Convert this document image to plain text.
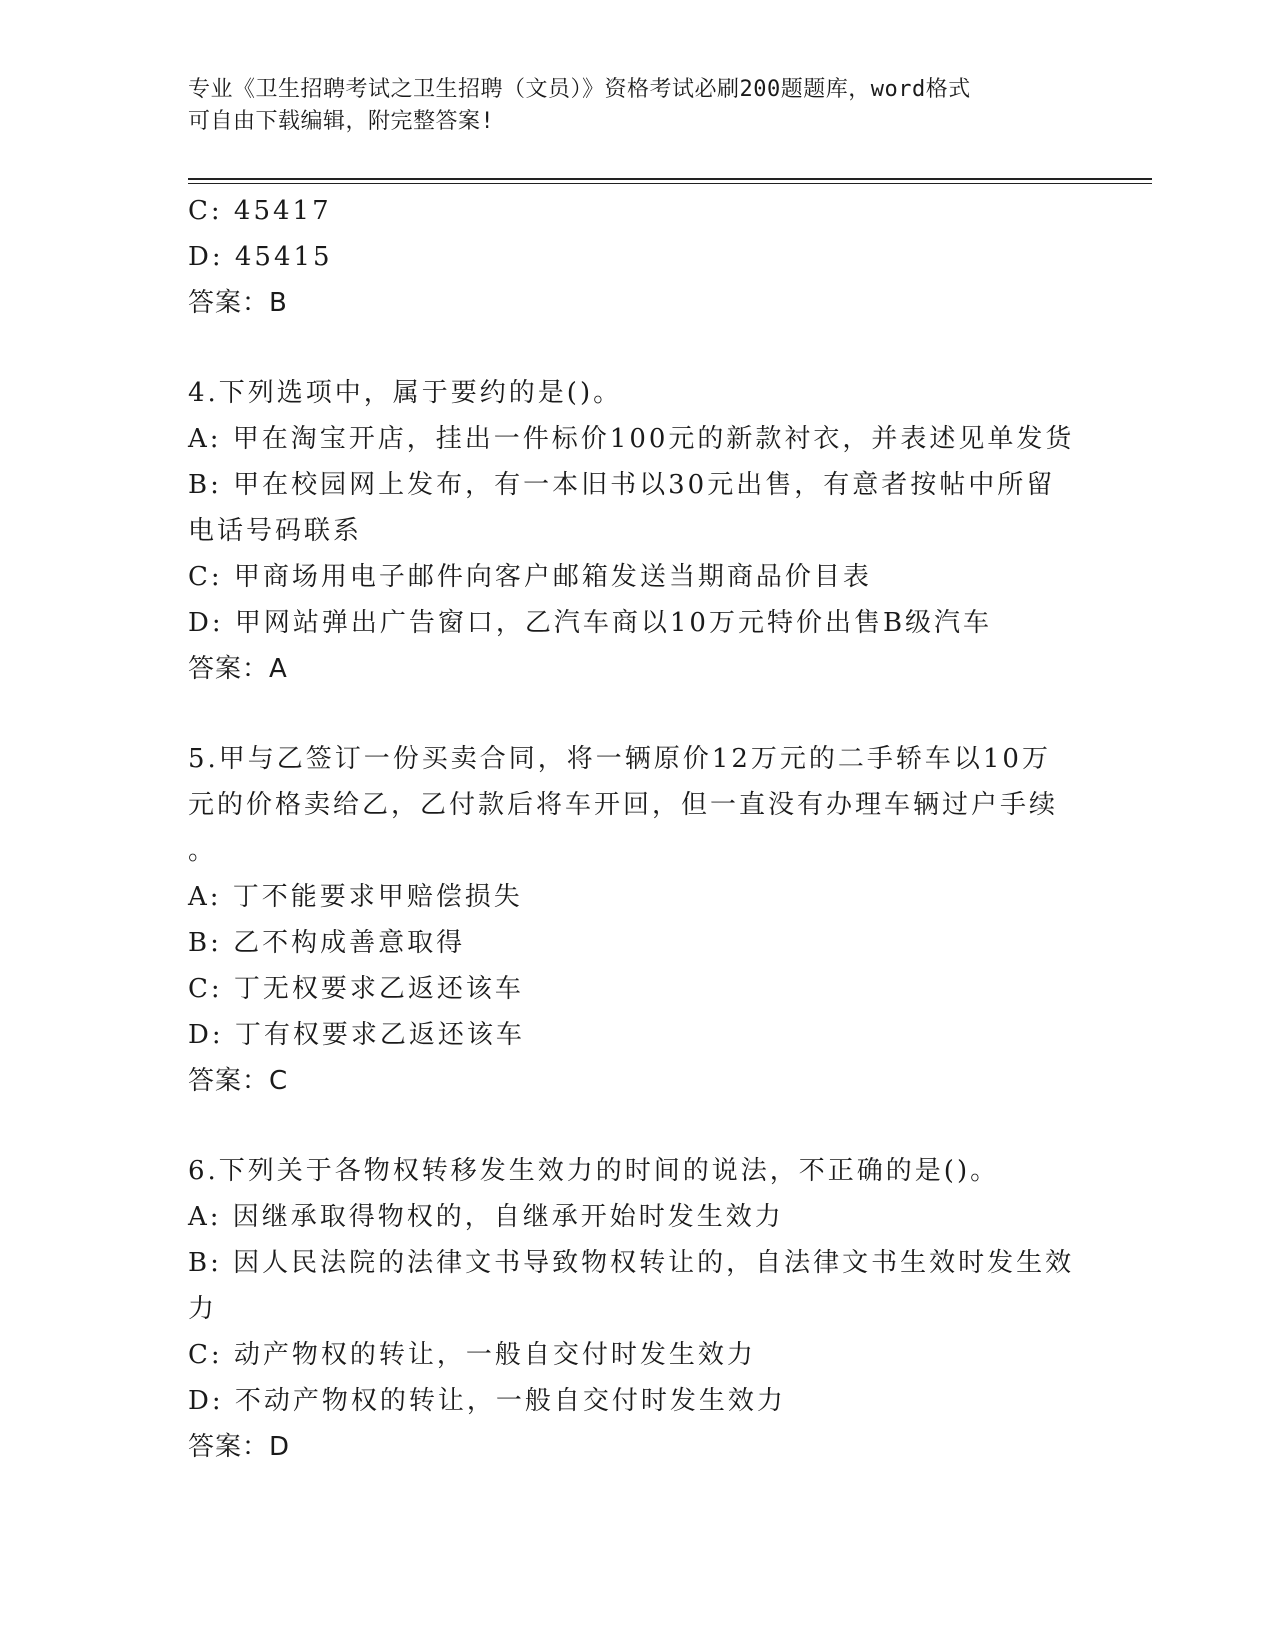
专业《卫生招聘考试之卫生招聘（文员）》资格考试必刷200题题库，word格式
可自由下载编辑，附完整答案!
C: 45417
D: 45415
答案：B
4.下列选项中，属于要约的是()。
A: 甲在淘宝开店，挂出一件标价100元的新款衬衣，并表述见单发货
B: 甲在校园网上发布，有一本旧书以30元出售，有意者按帖中所留
电话号码联系
C: 甲商场用电子邮件向客户邮箱发送当期商品价目表
D: 甲网站弹出广告窗口，乙汽车商以10万元特价出售B级汽车
答案：A
5.甲与乙签订一份买卖合同，将一辆原价12万元的二手轿车以10万
元的价格卖给乙，乙付款后将车开回，但一直没有办理车辆过户手续
。
A: 丁不能要求甲赔偿损失
B: 乙不构成善意取得
C: 丁无权要求乙返还该车
D: 丁有权要求乙返还该车
答案：C
6.下列关于各物权转移发生效力的时间的说法，不正确的是()。
A: 因继承取得物权的，自继承开始时发生效力
B: 因人民法院的法律文书导致物权转让的，自法律文书生效时发生效
力
C: 动产物权的转让，一般自交付时发生效力
D: 不动产物权的转让，一般自交付时发生效力
答案：D
